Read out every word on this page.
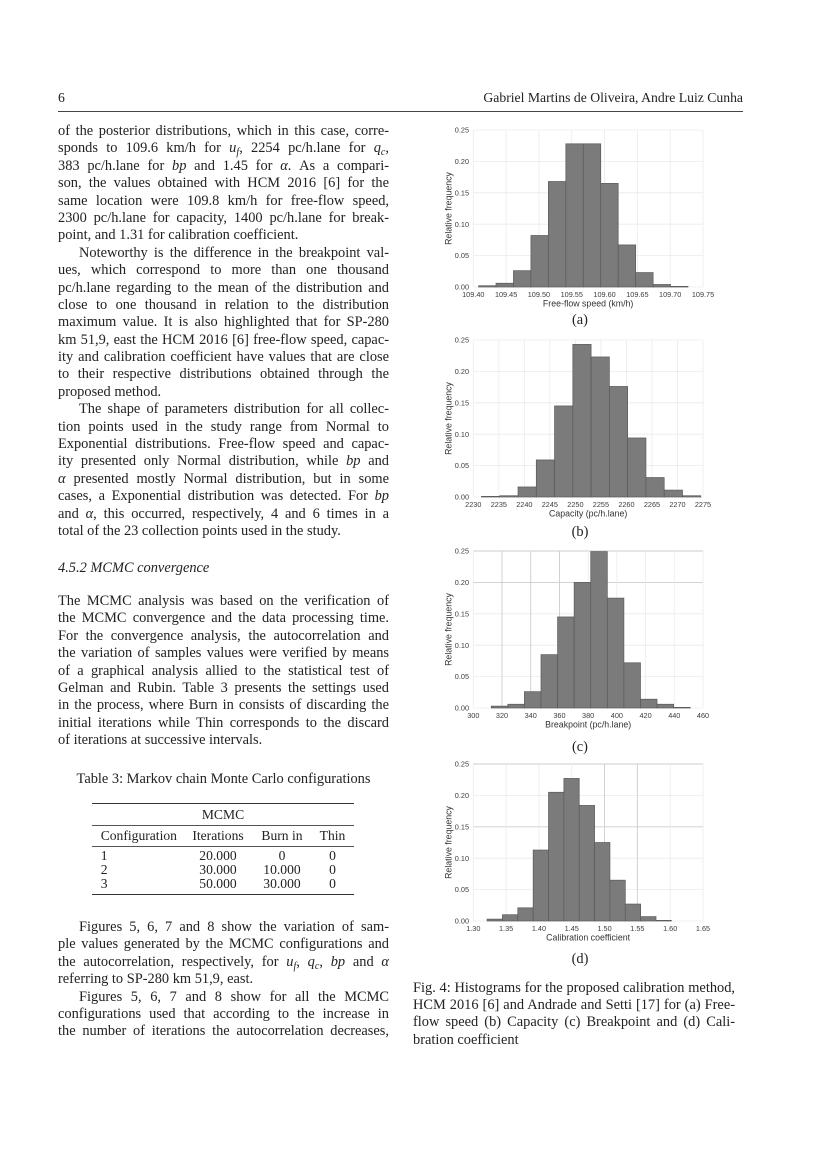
6	Gabriel Martins de Oliveira, Andre Luiz Cunha
of the posterior distributions, which in this case, corre-
sponds to 109.6 km/h for $u_f$, 2254 pc/h.lane for $q_c$,
383 pc/h.lane for bp and 1.45 for α. As a compari-
son, the values obtained with HCM 2016 [6] for the
same location were 109.8 km/h for free-flow speed,
2300 pc/h.lane for capacity, 1400 pc/h.lane for break-
point, and 1.31 for calibration coefficient.
Noteworthy is the difference in the breakpoint val-
ues, which correspond to more than one thousand
pc/h.lane regarding to the mean of the distribution and
close to one thousand in relation to the distribution
maximum value. It is also highlighted that for SP-280
km 51,9, east the HCM 2016 [6] free-flow speed, capac-
ity and calibration coefficient have values that are close
to their respective distributions obtained through the
proposed method.
The shape of parameters distribution for all collec-
tion points used in the study range from Normal to
Exponential distributions. Free-flow speed and capac-
ity presented only Normal distribution, while bp and
α presented mostly Normal distribution, but in some
cases, a Exponential distribution was detected. For bp
and α, this occurred, respectively, 4 and 6 times in a
total of the 23 collection points used in the study.
4.5.2 MCMC convergence
The MCMC analysis was based on the verification of
the MCMC convergence and the data processing time.
For the convergence analysis, the autocorrelation and
the variation of samples values were verified by means
of a graphical analysis allied to the statistical test of
Gelman and Rubin. Table 3 presents the settings used
in the process, where Burn in consists of discarding the
initial iterations while Thin corresponds to the discard
of iterations at successive intervals.
Table 3: Markov chain Monte Carlo configurations
MCMC
Configuration	Iterations	Burn in	Thin
1	20.000	0	0
2	30.000	10.000	0
3	50.000	30.000	0
Figures 5, 6, 7 and 8 show the variation of sam-
ple values generated by the MCMC configurations and
the autocorrelation, respectively, for $u_f$, $q_c$, bp and α
referring to SP-280 km 51,9, east.
Figures 5, 6, 7 and 8 show for all the MCMC
configurations used that according to the increase in
the number of iterations the autocorrelation decreases,
0.00
0.05
0.10
0.15
0.20
0.25
109.40 109.45 109.50 109.55 109.60 109.65 109.70 109.75
Free-flow speed (km/h)
Relative frequency
(a)
0.00
0.05
0.10
0.15
0.20
0.25
2230 2235 2240 2245 2250 2255 2260 2265 2270 2275
Capacity (pc/h.lane)
Relative frequency
(b)
0.00
0.05
0.10
0.15
0.20
0.25
300 320 340 360 380 400 420 440 460
Breakpoint (pc/h.lane)
Relative frequency
(c)
0.00
0.05
0.10
0.15
0.20
0.25
1.30	1.35	1.40	1.45	1.50	1.55	1.60	1.65
Calibration coefficient
Relative frequency
(d)
Fig. 4: Histograms for the proposed calibration method,
HCM 2016 [6] and Andrade and Setti [17] for (a) Free-
flow speed (b) Capacity (c) Breakpoint and (d) Cali-
bration coefficient
